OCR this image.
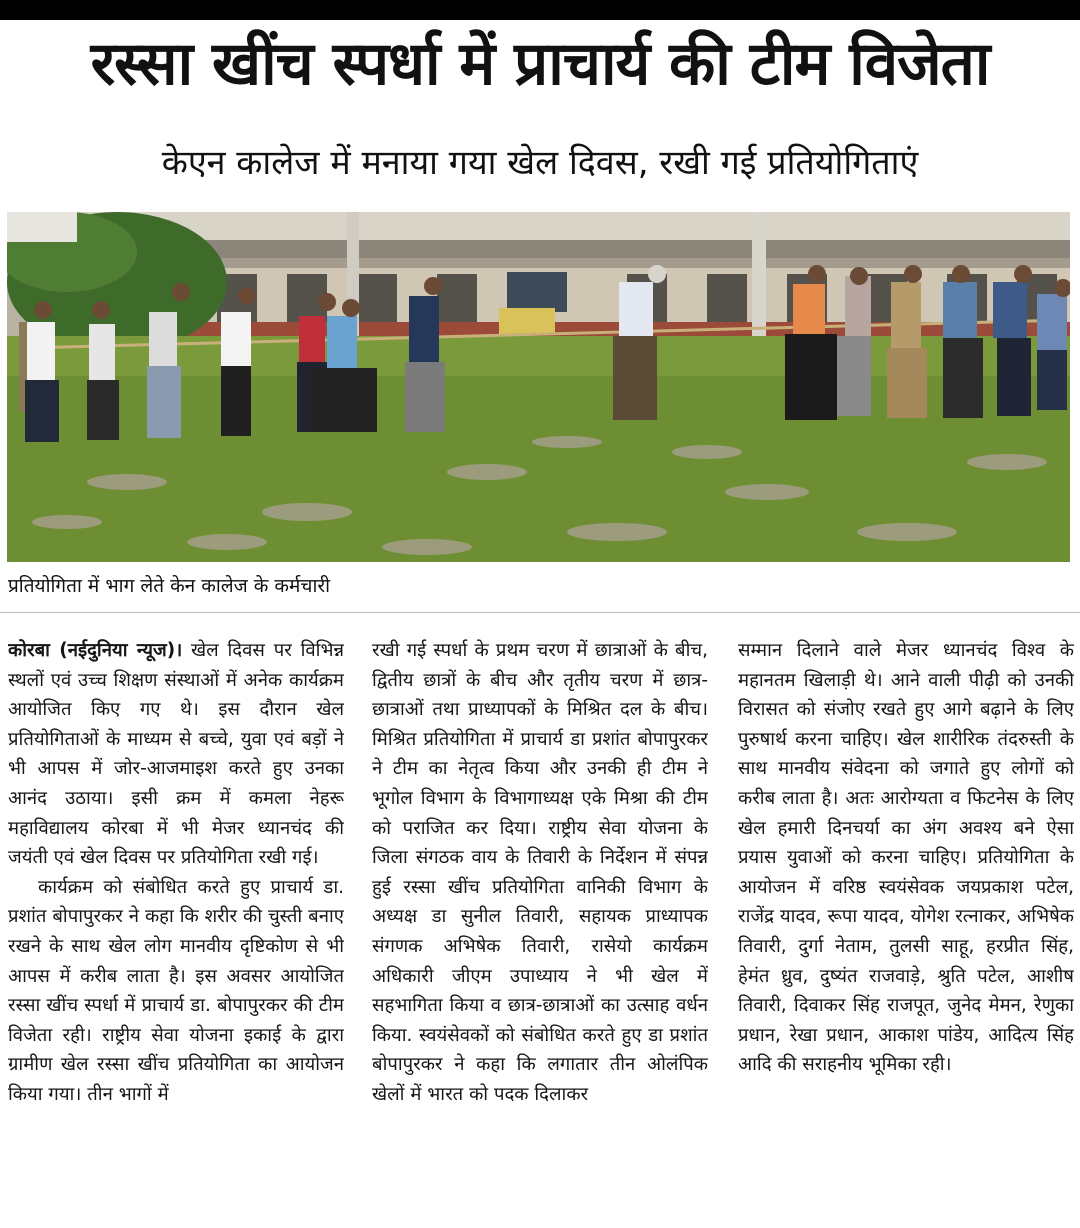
रस्सा खींच स्पर्धा में प्राचार्य की टीम विजेता
केएन कालेज में मनाया गया खेल दिवस, रखी गई प्रतियोगिताएं
प्रतियोगिता में भाग लेते केन कालेज के कर्मचारी

कोरबा (नईदुनिया न्यूज)। खेल दिवस पर विभिन्न स्थलों एवं उच्च शिक्षण संस्थाओं में अनेक कार्यक्रम आयोजित किए गए थे। इस दौरान खेल प्रतियोगिताओं के माध्यम से बच्चे, युवा एवं बड़ों ने भी आपस में जोर-आजमाइश करते हुए उनका आनंद उठाया। इसी क्रम में कमला नेहरू महाविद्यालय कोरबा में भी मेजर ध्यानचंद की जयंती एवं खेल दिवस पर प्रतियोगिता रखी गई।

कार्यक्रम को संबोधित करते हुए प्राचार्य डा. प्रशांत बोपापुरकर ने कहा कि शरीर की चुस्ती बनाए रखने के साथ खेल लोग मानवीय दृष्टिकोण से भी आपस में करीब लाता है। इस अवसर आयोजित रस्सा खींच स्पर्धा में प्राचार्य डा. बोपापुरकर की टीम विजेता रही। राष्ट्रीय सेवा योजना इकाई के द्वारा ग्रामीण खेल रस्सा खींच प्रतियोगिता का आयोजन किया गया। तीन भागों में

रखी गई स्पर्धा के प्रथम चरण में छात्राओं के बीच, द्वितीय छात्रों के बीच और तृतीय चरण में छात्र-छात्राओं तथा प्राध्यापकों के मिश्रित दल के बीच। मिश्रित प्रतियोगिता में प्राचार्य डा प्रशांत बोपापुरकर ने टीम का नेतृत्व किया और उनकी ही टीम ने भूगोल विभाग के विभागाध्यक्ष एके मिश्रा की टीम को पराजित कर दिया। राष्ट्रीय सेवा योजना के जिला संगठक वाय के तिवारी के निर्देशन में संपन्न हुई रस्सा खींच प्रतियोगिता वानिकी विभाग के अध्यक्ष डा सुनील तिवारी, सहायक प्राध्यापक संगणक अभिषेक तिवारी, रासेयो कार्यक्रम अधिकारी जीएम उपाध्याय ने भी खेल में सहभागिता किया व छात्र-छात्राओं का उत्साह वर्धन किया. स्वयंसेवकों को संबोधित करते हुए डा प्रशांत बोपापुरकर ने कहा कि लगातार तीन ओलंपिक खेलों में भारत को पदक दिलाकर

सम्मान दिलाने वाले मेजर ध्यानचंद विश्व के महानतम खिलाड़ी थे। आने वाली पीढ़ी को उनकी विरासत को संजोए रखते हुए आगे बढ़ाने के लिए पुरुषार्थ करना चाहिए। खेल शारीरिक तंदरुस्ती के साथ मानवीय संवेदना को जगाते हुए लोगों को करीब लाता है। अतः आरोग्यता व फिटनेस के लिए खेल हमारी दिनचर्या का अंग अवश्य बने ऐसा प्रयास युवाओं को करना चाहिए। प्रतियोगिता के आयोजन में वरिष्ठ स्वयंसेवक जयप्रकाश पटेल, राजेंद्र यादव, रूपा यादव, योगेश रत्नाकर, अभिषेक तिवारी, दुर्गा नेताम, तुलसी साहू, हरप्रीत सिंह, हेमंत ध्रुव, दुष्यंत राजवाड़े, श्रुति पटेल, आशीष तिवारी, दिवाकर सिंह राजपूत, जुनेद मेमन, रेणुका प्रधान, रेखा प्रधान, आकाश पांडेय, आदित्य सिंह आदि की सराहनीय भूमिका रही।
